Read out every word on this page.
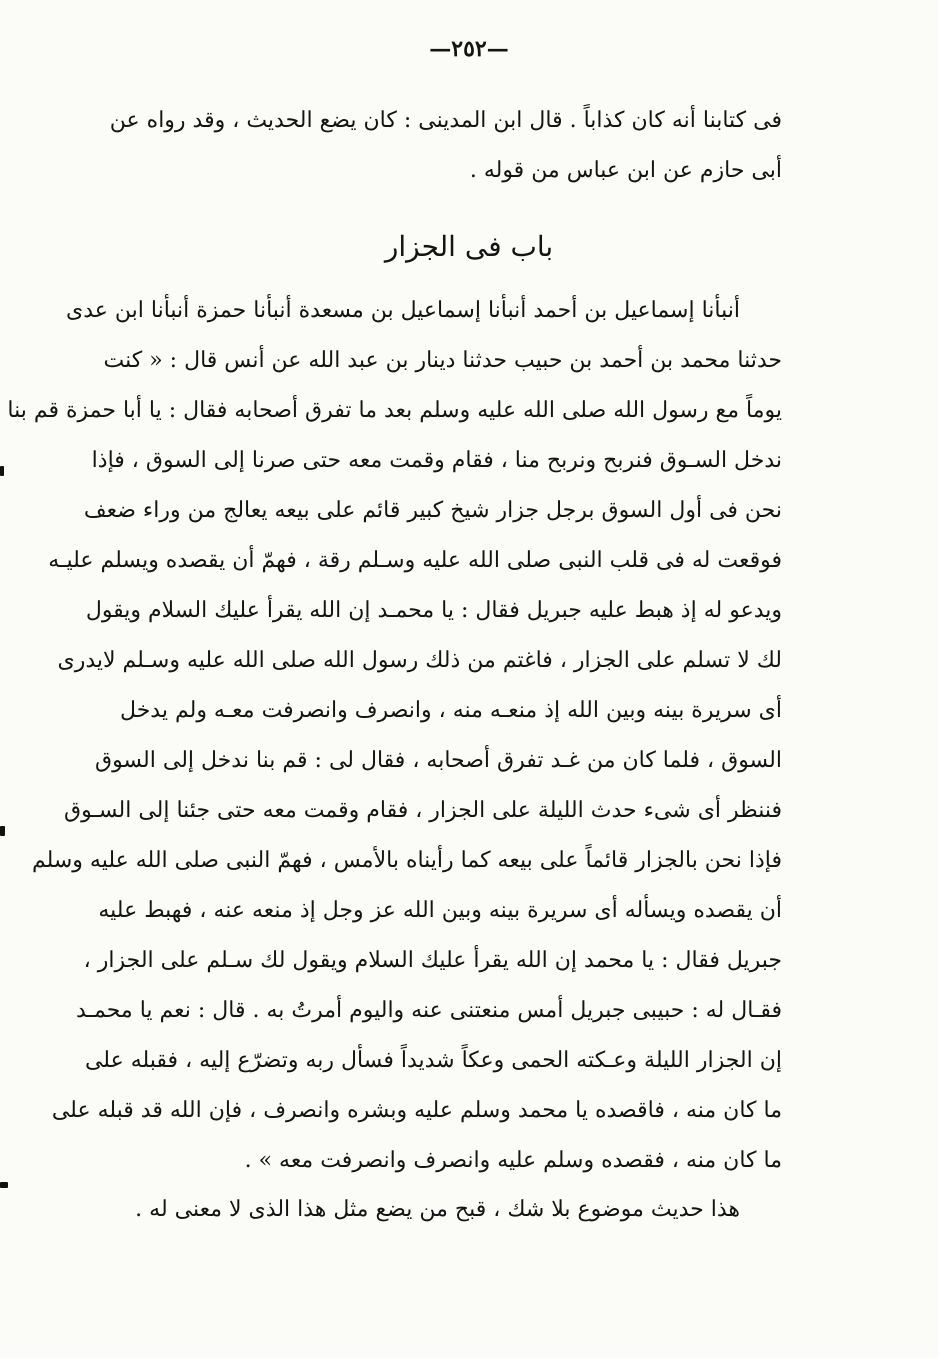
—٢٥٢—
فى كتابنا أنه كان كذاباً . قال ابن المدينى : كان يضع الحديث ، وقد رواه عن
أبى حازم عن ابن عباس من قوله .
باب فى الجزار
أنبأنا إسماعيل بن أحمد أنبأنا إسماعيل بن مسعدة أنبأنا حمزة أنبأنا ابن عدى
حدثنا محمد بن أحمد بن حبيب حدثنا دينار بن عبد الله عن أنس قال : « كنت
يوماً مع رسول الله صلى الله عليه وسلم بعد ما تفرق أصحابه فقال : يا أبا حمزة قم بنا
ندخل السـوق فنربح ونربح منا ، فقام وقمت معه حتى صرنا إلى السوق ، فإذا
نحن فى أول السوق برجل جزار شيخ كبير قائم على بيعه يعالج من وراء ضعف
فوقعت له فى قلب النبى صلى الله عليه وسـلم رقة ، فهمّ أن يقصده ويسلم عليـه
ويدعو له إذ هبط عليه جبريل فقال : يا محمـد إن الله يقرأ عليك السلام ويقول
لك لا تسلم على الجزار ، فاغتم من ذلك رسول الله صلى الله عليه وسـلم لايدرى
أى سريرة بينه وبين الله إذ منعـه منه ، وانصرف وانصرفت معـه ولم يدخل
السوق ، فلما كان من غـد تفرق أصحابه ، فقال لى : قم بنا ندخل إلى السوق
فننظر أى شىء حدث الليلة على الجزار ، فقام وقمت معه حتى جئنا إلى السـوق
فإذا نحن بالجزار قائماً على بيعه كما رأيناه بالأمس ، فهمّ النبى صلى الله عليه وسلم
أن يقصده ويسأله أى سريرة بينه وبين الله عز وجل إذ منعه عنه ، فهبط عليه
جبريل فقال : يا محمد إن الله يقرأ عليك السلام ويقول لك سـلم على الجزار ،
فقـال له : حبيبى جبريل أمس منعتنى عنه واليوم أمرتُ به . قال : نعم يا محمـد
إن الجزار الليلة وعـكته الحمى وعكاً شديداً فسأل ربه وتضرّع إليه ، فقبله على
ما كان منه ، فاقصده يا محمد وسلم عليه وبشره وانصرف ، فإن الله قد قبله على
ما كان منه ، فقصده وسلم عليه وانصرف وانصرفت معه » .
هذا حديث موضوع بلا شك ، قبح من يضع مثل هذا الذى لا معنى له .
